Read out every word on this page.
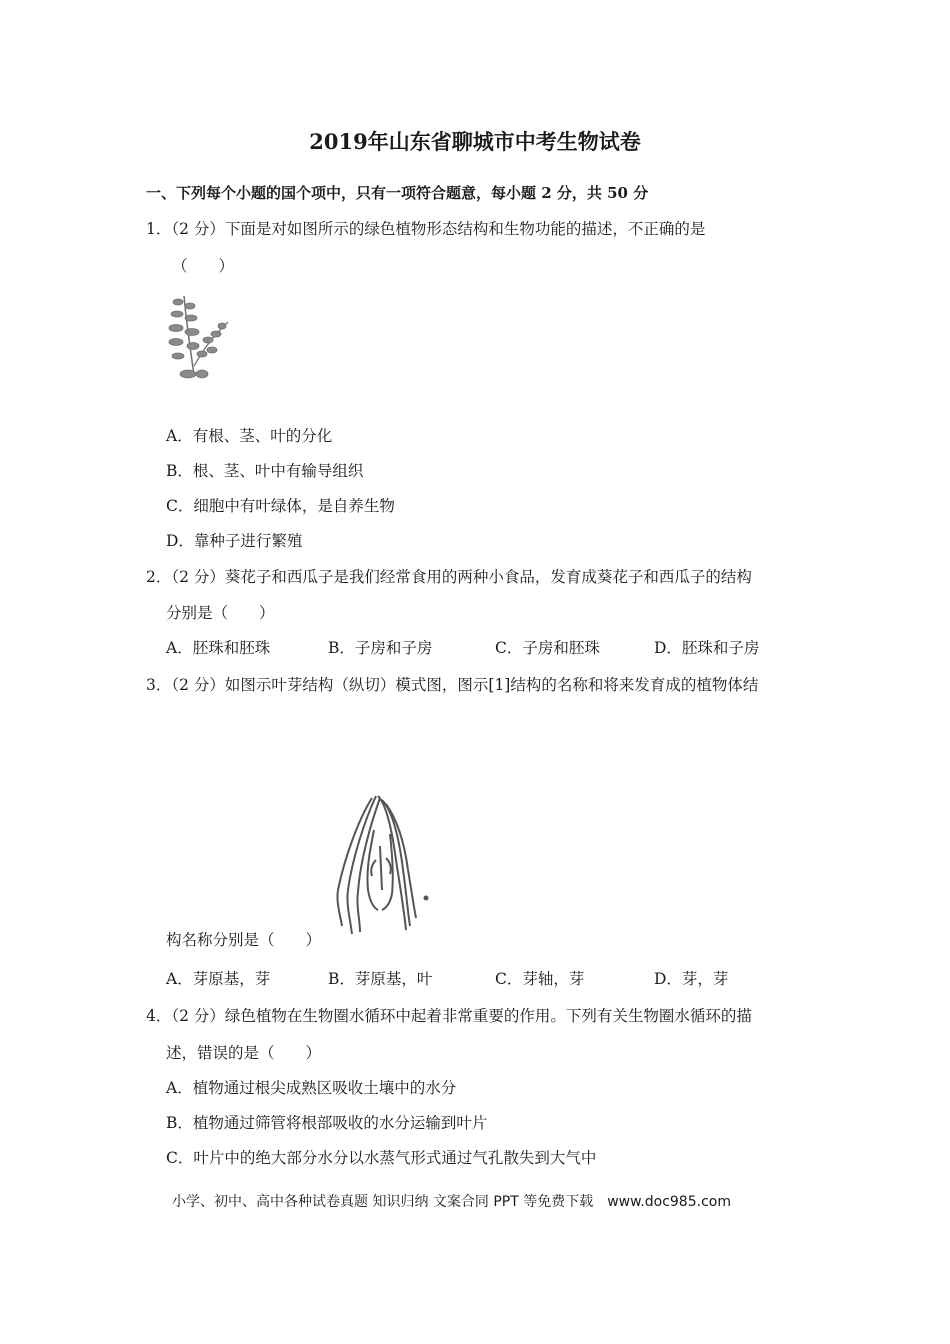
2019年山东省聊城市中考生物试卷
一、下列每个小题的国个项中，只有一项符合题意，每小题 2 分，共 50 分
1．（2 分）下面是对如图所示的绿色植物形态结构和生物功能的描述，不正确的是
（　　）
A．有根、茎、叶的分化
B．根、茎、叶中有输导组织
C．细胞中有叶绿体，是自养生物
D．靠种子进行繁殖
2．（2 分）葵花子和西瓜子是我们经常食用的两种小食品，发育成葵花子和西瓜子的结构
分别是（　　）
A．胚珠和胚珠	B．子房和子房	C．子房和胚珠	D．胚珠和子房
3．（2 分）如图示叶芽结构（纵切）模式图，图示[1]结构的名称和将来发育成的植物体结
构名称分别是（　　）
A．芽原基，芽	B．芽原基，叶	C．芽轴，芽	D．芽，芽
4．（2 分）绿色植物在生物圈水循环中起着非常重要的作用。下列有关生物圈水循环的描
述，错误的是（　　）
A．植物通过根尖成熟区吸收土壤中的水分
B．植物通过筛管将根部吸收的水分运输到叶片
C．叶片中的绝大部分水分以水蒸气形式通过气孔散失到大气中
小学、初中、高中各种试卷真题 知识归纳 文案合同 PPT 等免费下载　www.doc985.com
